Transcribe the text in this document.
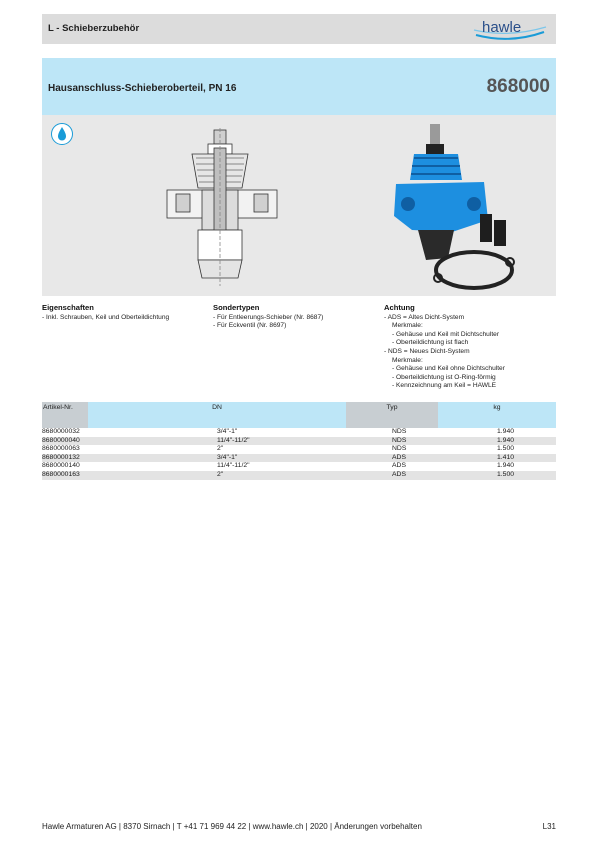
L - Schieberzubehör	hawle
Hausanschluss-Schieberoberteil, PN 16	868000
Eigenschaften
- Inkl. Schrauben, Keil und Oberteildichtung
Sondertypen
- Für Entleerungs-Schieber (Nr. 8687)
- Für Eckventil (Nr. 8697)
Achtung
- ADS = Altes Dicht-System
Merkmale:
- Gehäuse und Keil mit Dichtschulter
- Oberteildichtung ist flach
- NDS = Neues Dicht-System
Merkmale:
- Gehäuse und Keil ohne Dichtschulter
- Oberteildichtung ist O-Ring-förmig
- Kennzeichnung am Keil = HAWLE
Artikel-Nr.	DN	Typ	kg
8680000032	3/4"-1"	NDS	1.940
8680000040	11/4"-11/2"	NDS	1.940
8680000063	2"	NDS	1.500
8680000132	3/4"-1"	ADS	1.410
8680000140	11/4"-11/2"	ADS	1.940
8680000163	2"	ADS	1.500
Hawle Armaturen AG | 8370 Sirnach | T +41 71 969 44 22 | www.hawle.ch | 2020 | Änderungen vorbehalten	L31
